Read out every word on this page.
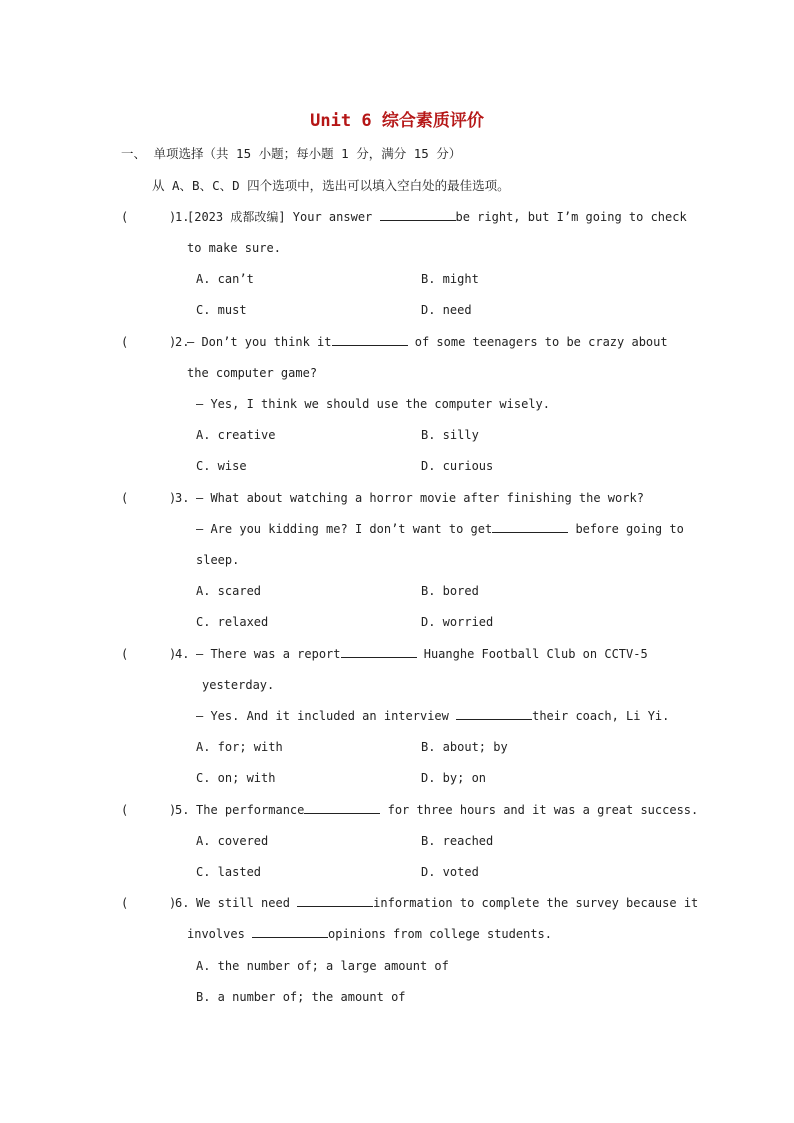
Unit 6 综合素质评价
一、 单项选择（共 15 小题；每小题 1 分，满分 15 分）
从 A、B、C、D 四个选项中，选出可以填入空白处的最佳选项。
(	)
1.
[2023 成都改编] Your answer	be right, but I’m going to check
to make sure.
A. can’t	B. might
C. must	D. need
(	)
2.
— Don’t you think it	of some teenagers to be crazy about
the computer game?
— Yes, I think we should use the computer wisely.
A. creative	B. silly
C. wise	D. curious
(	)
3. — What about watching a horror movie after finishing the work?
— Are you kidding me? I don’t want to get	before going to
sleep.
A. scared	B. bored
C. relaxed	D. worried
(	)
4. — There was a report	Huanghe Football Club on CCTV-5
yesterday.
— Yes. And it included an interview	their coach, Li Yi.
A. for; with	B. about; by
C. on; with	D. by; on
(	)
5. The performance	for three hours and it was a great success.
A. covered	B. reached
C. lasted	D. voted
(	)
6. We still need	information to complete the survey because it
involves	opinions from college students.
A. the number of; a large amount of
B. a number of; the amount of
